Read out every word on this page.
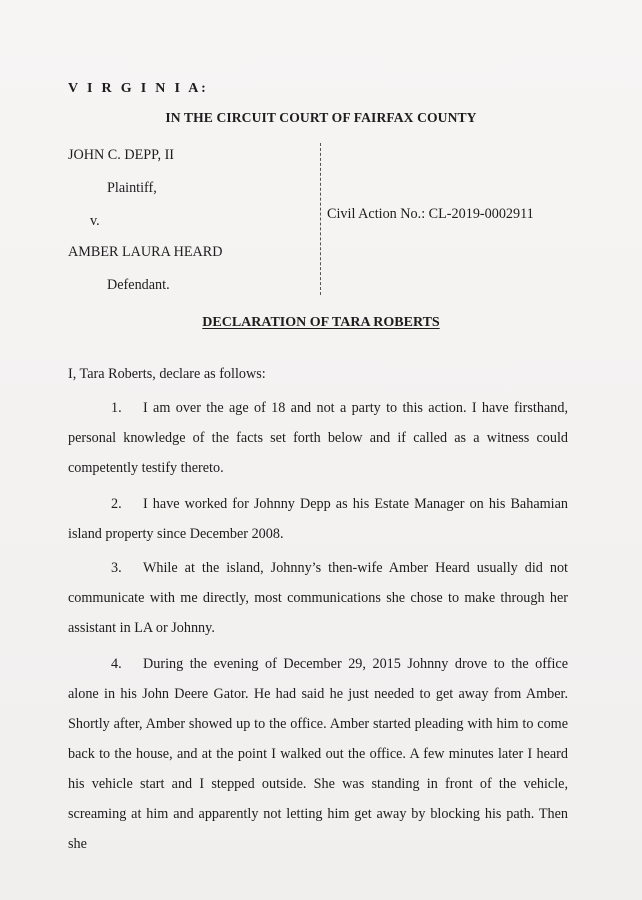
V I R G I N I A:
IN THE CIRCUIT COURT OF FAIRFAX COUNTY
JOHN C. DEPP, II
Plaintiff,
v.
AMBER LAURA HEARD
Defendant.
Civil Action No.: CL-2019-0002911
DECLARATION OF TARA ROBERTS
I, Tara Roberts, declare as follows:
1. I am over the age of 18 and not a party to this action. I have firsthand, personal knowledge of the facts set forth below and if called as a witness could competently testify thereto.
2. I have worked for Johnny Depp as his Estate Manager on his Bahamian island property since December 2008.
3. While at the island, Johnny’s then-wife Amber Heard usually did not communicate with me directly, most communications she chose to make through her assistant in LA or Johnny.
4. During the evening of December 29, 2015 Johnny drove to the office alone in his John Deere Gator. He had said he just needed to get away from Amber. Shortly after, Amber showed up to the office. Amber started pleading with him to come back to the house, and at the point I walked out the office. A few minutes later I heard his vehicle start and I stepped outside. She was standing in front of the vehicle, screaming at him and apparently not letting him get away by blocking his path. Then she
